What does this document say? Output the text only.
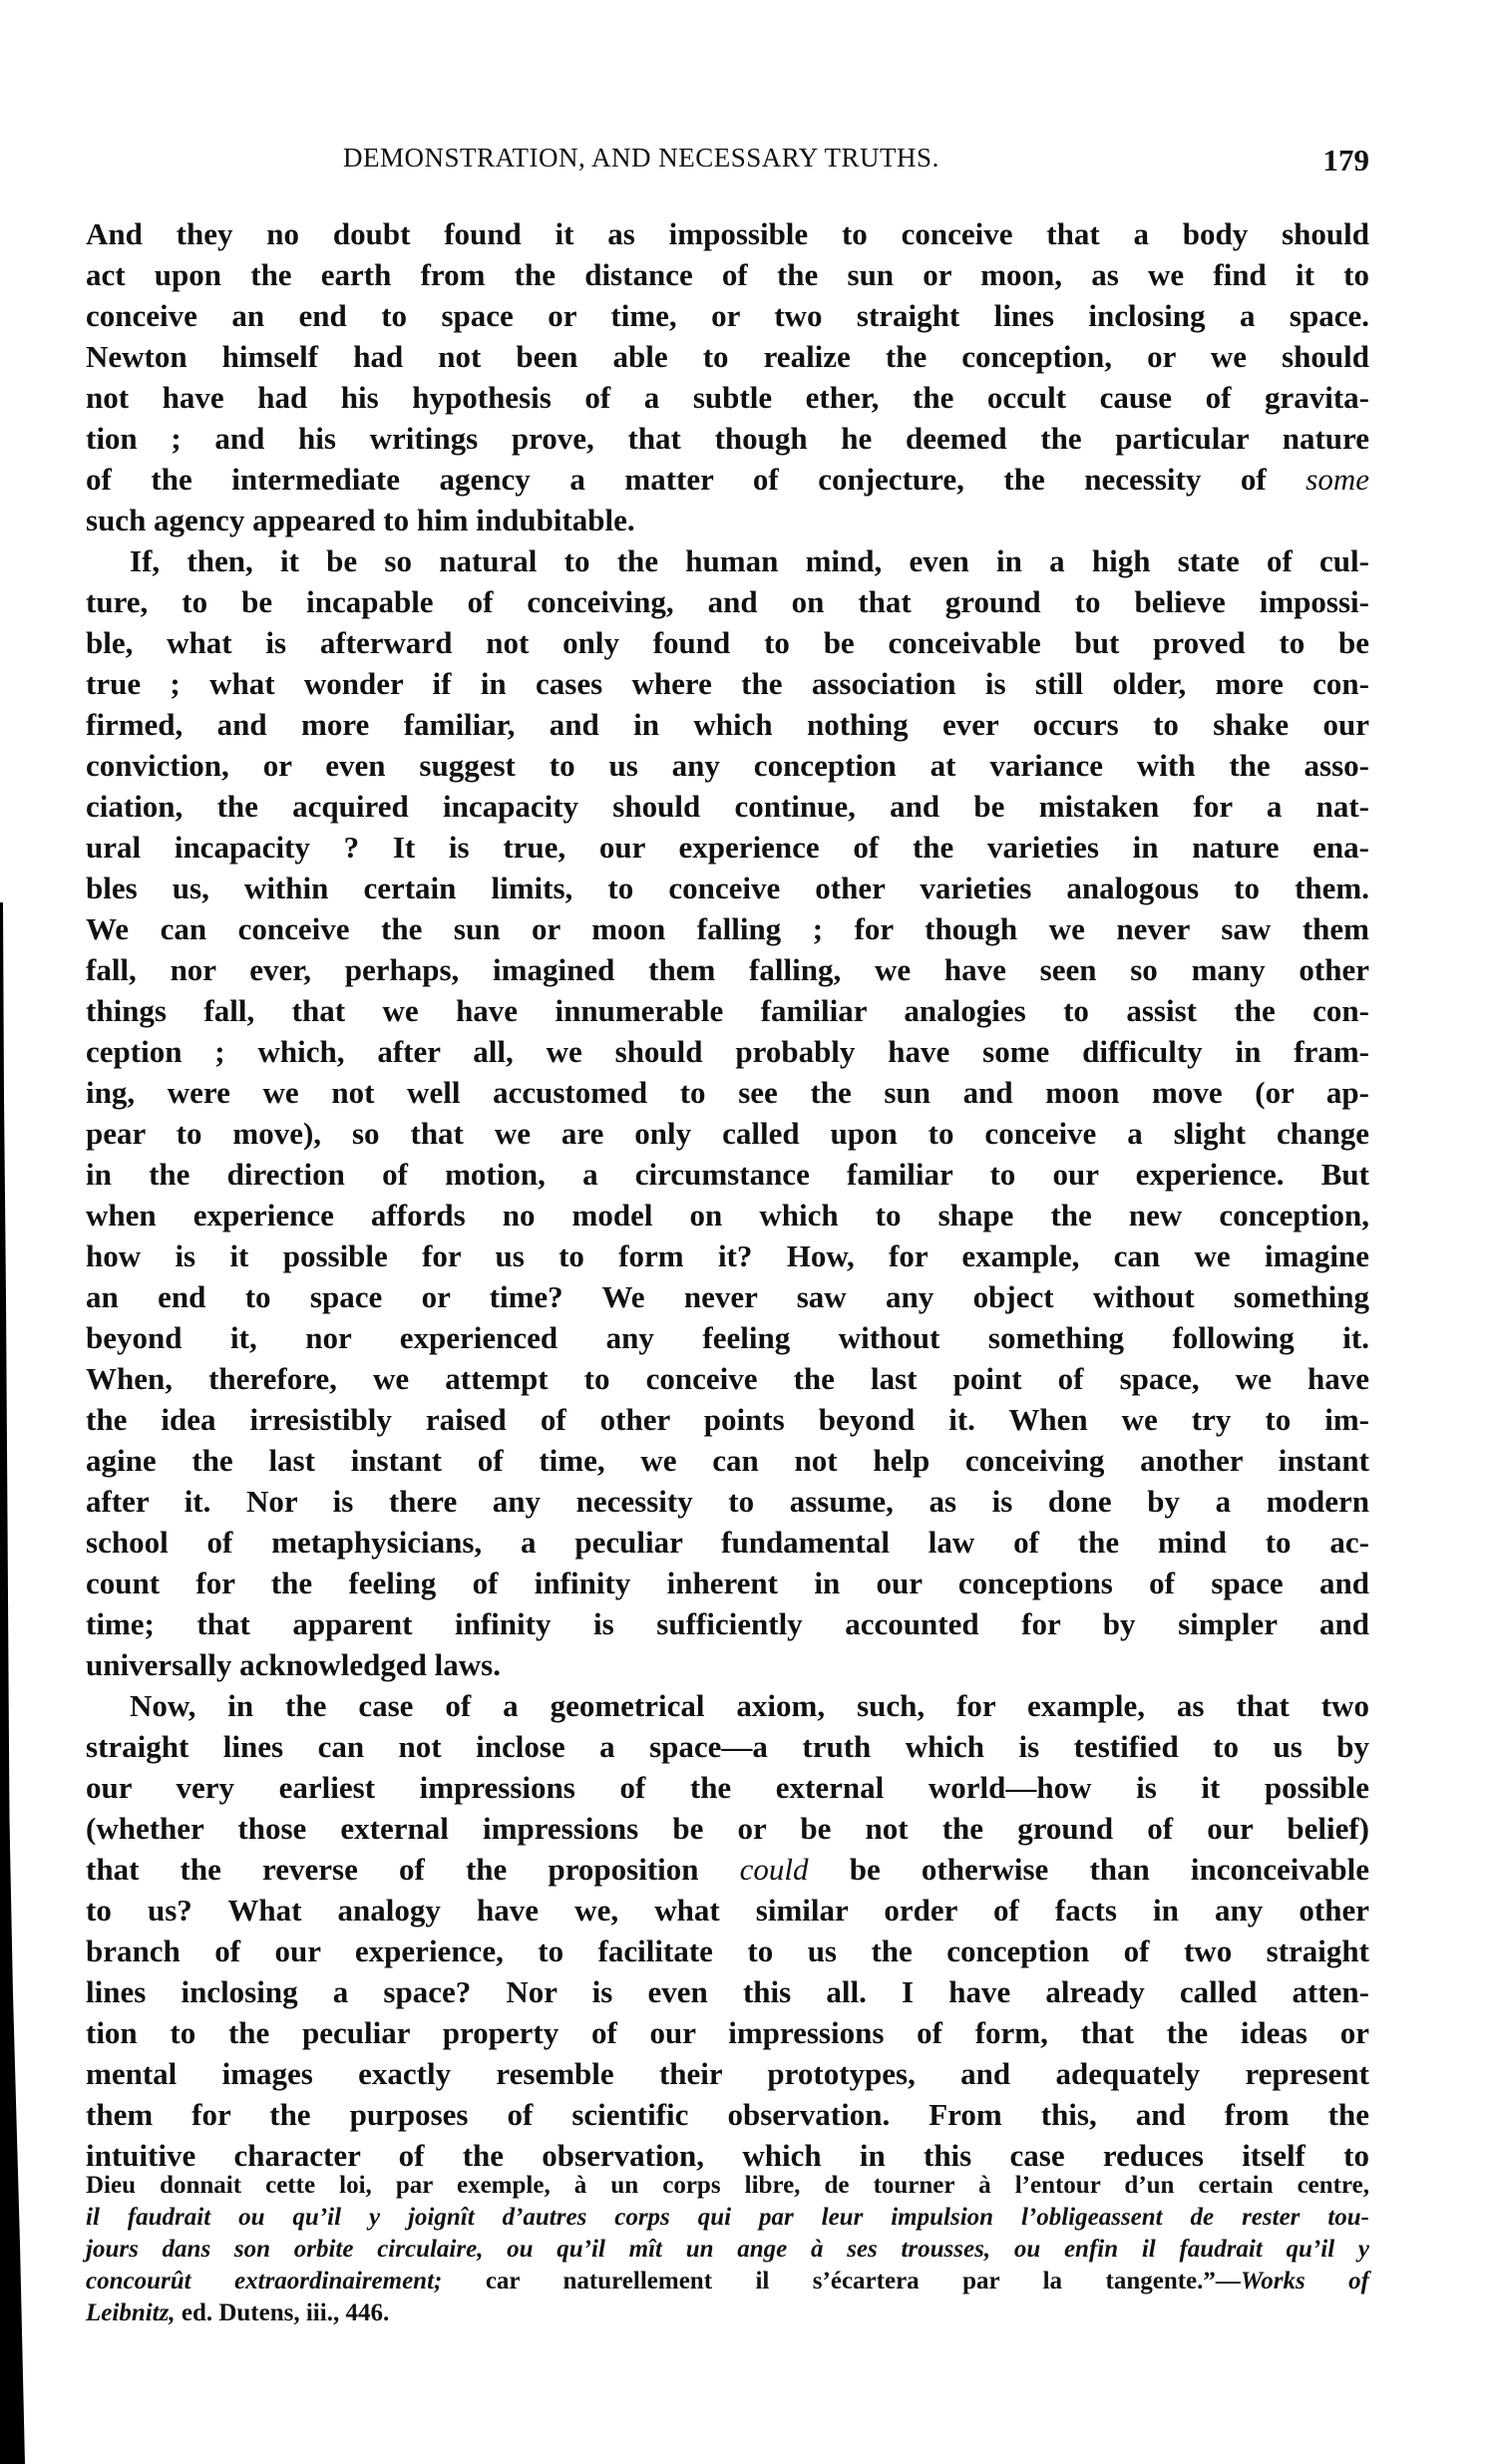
DEMONSTRATION, AND NECESSARY TRUTHS.	179
And they no doubt found it as impossible to conceive that a body should
act upon the earth from the distance of the sun or moon, as we find it to
conceive an end to space or time, or two straight lines inclosing a space.
Newton himself had not been able to realize the conception, or we should
not have had his hypothesis of a subtle ether, the occult cause of gravita-
tion ; and his writings prove, that though he deemed the particular nature
of the intermediate agency a matter of conjecture, the necessity of some
such agency appeared to him indubitable.
If, then, it be so natural to the human mind, even in a high state of cul-
ture, to be incapable of conceiving, and on that ground to believe impossi-
ble, what is afterward not only found to be conceivable but proved to be
true ; what wonder if in cases where the association is still older, more con-
firmed, and more familiar, and in which nothing ever occurs to shake our
conviction, or even suggest to us any conception at variance with the asso-
ciation, the acquired incapacity should continue, and be mistaken for a nat-
ural incapacity ? It is true, our experience of the varieties in nature ena-
bles us, within certain limits, to conceive other varieties analogous to them.
We can conceive the sun or moon falling ; for though we never saw them
fall, nor ever, perhaps, imagined them falling, we have seen so many other
things fall, that we have innumerable familiar analogies to assist the con-
ception ; which, after all, we should probably have some difficulty in fram-
ing, were we not well accustomed to see the sun and moon move (or ap-
pear to move), so that we are only called upon to conceive a slight change
in the direction of motion, a circumstance familiar to our experience. But
when experience affords no model on which to shape the new conception,
how is it possible for us to form it? How, for example, can we imagine
an end to space or time? We never saw any object without something
beyond it, nor experienced any feeling without something following it.
When, therefore, we attempt to conceive the last point of space, we have
the idea irresistibly raised of other points beyond it. When we try to im-
agine the last instant of time, we can not help conceiving another instant
after it. Nor is there any necessity to assume, as is done by a modern
school of metaphysicians, a peculiar fundamental law of the mind to ac-
count for the feeling of infinity inherent in our conceptions of space and
time; that apparent infinity is sufficiently accounted for by simpler and
universally acknowledged laws.
Now, in the case of a geometrical axiom, such, for example, as that two
straight lines can not inclose a space—a truth which is testified to us by
our very earliest impressions of the external world—how is it possible
(whether those external impressions be or be not the ground of our belief)
that the reverse of the proposition could be otherwise than inconceivable
to us? What analogy have we, what similar order of facts in any other
branch of our experience, to facilitate to us the conception of two straight
lines inclosing a space? Nor is even this all. I have already called atten-
tion to the peculiar property of our impressions of form, that the ideas or
mental images exactly resemble their prototypes, and adequately represent
them for the purposes of scientific observation. From this, and from the
intuitive character of the observation, which in this case reduces itself to
Dieu donnait cette loi, par exemple, à un corps libre, de tourner à l’entour d’un certain centre,
il faudrait ou qu’il y joignît d’autres corps qui par leur impulsion l’obligeassent de rester tou-
jours dans son orbite circulaire, ou qu’il mît un ange à ses trousses, ou enfin il faudrait qu’il y
concourût extraordinairement; car naturellement il s’écartera par la tangente.”—Works of
Leibnitz, ed. Dutens, iii., 446.
